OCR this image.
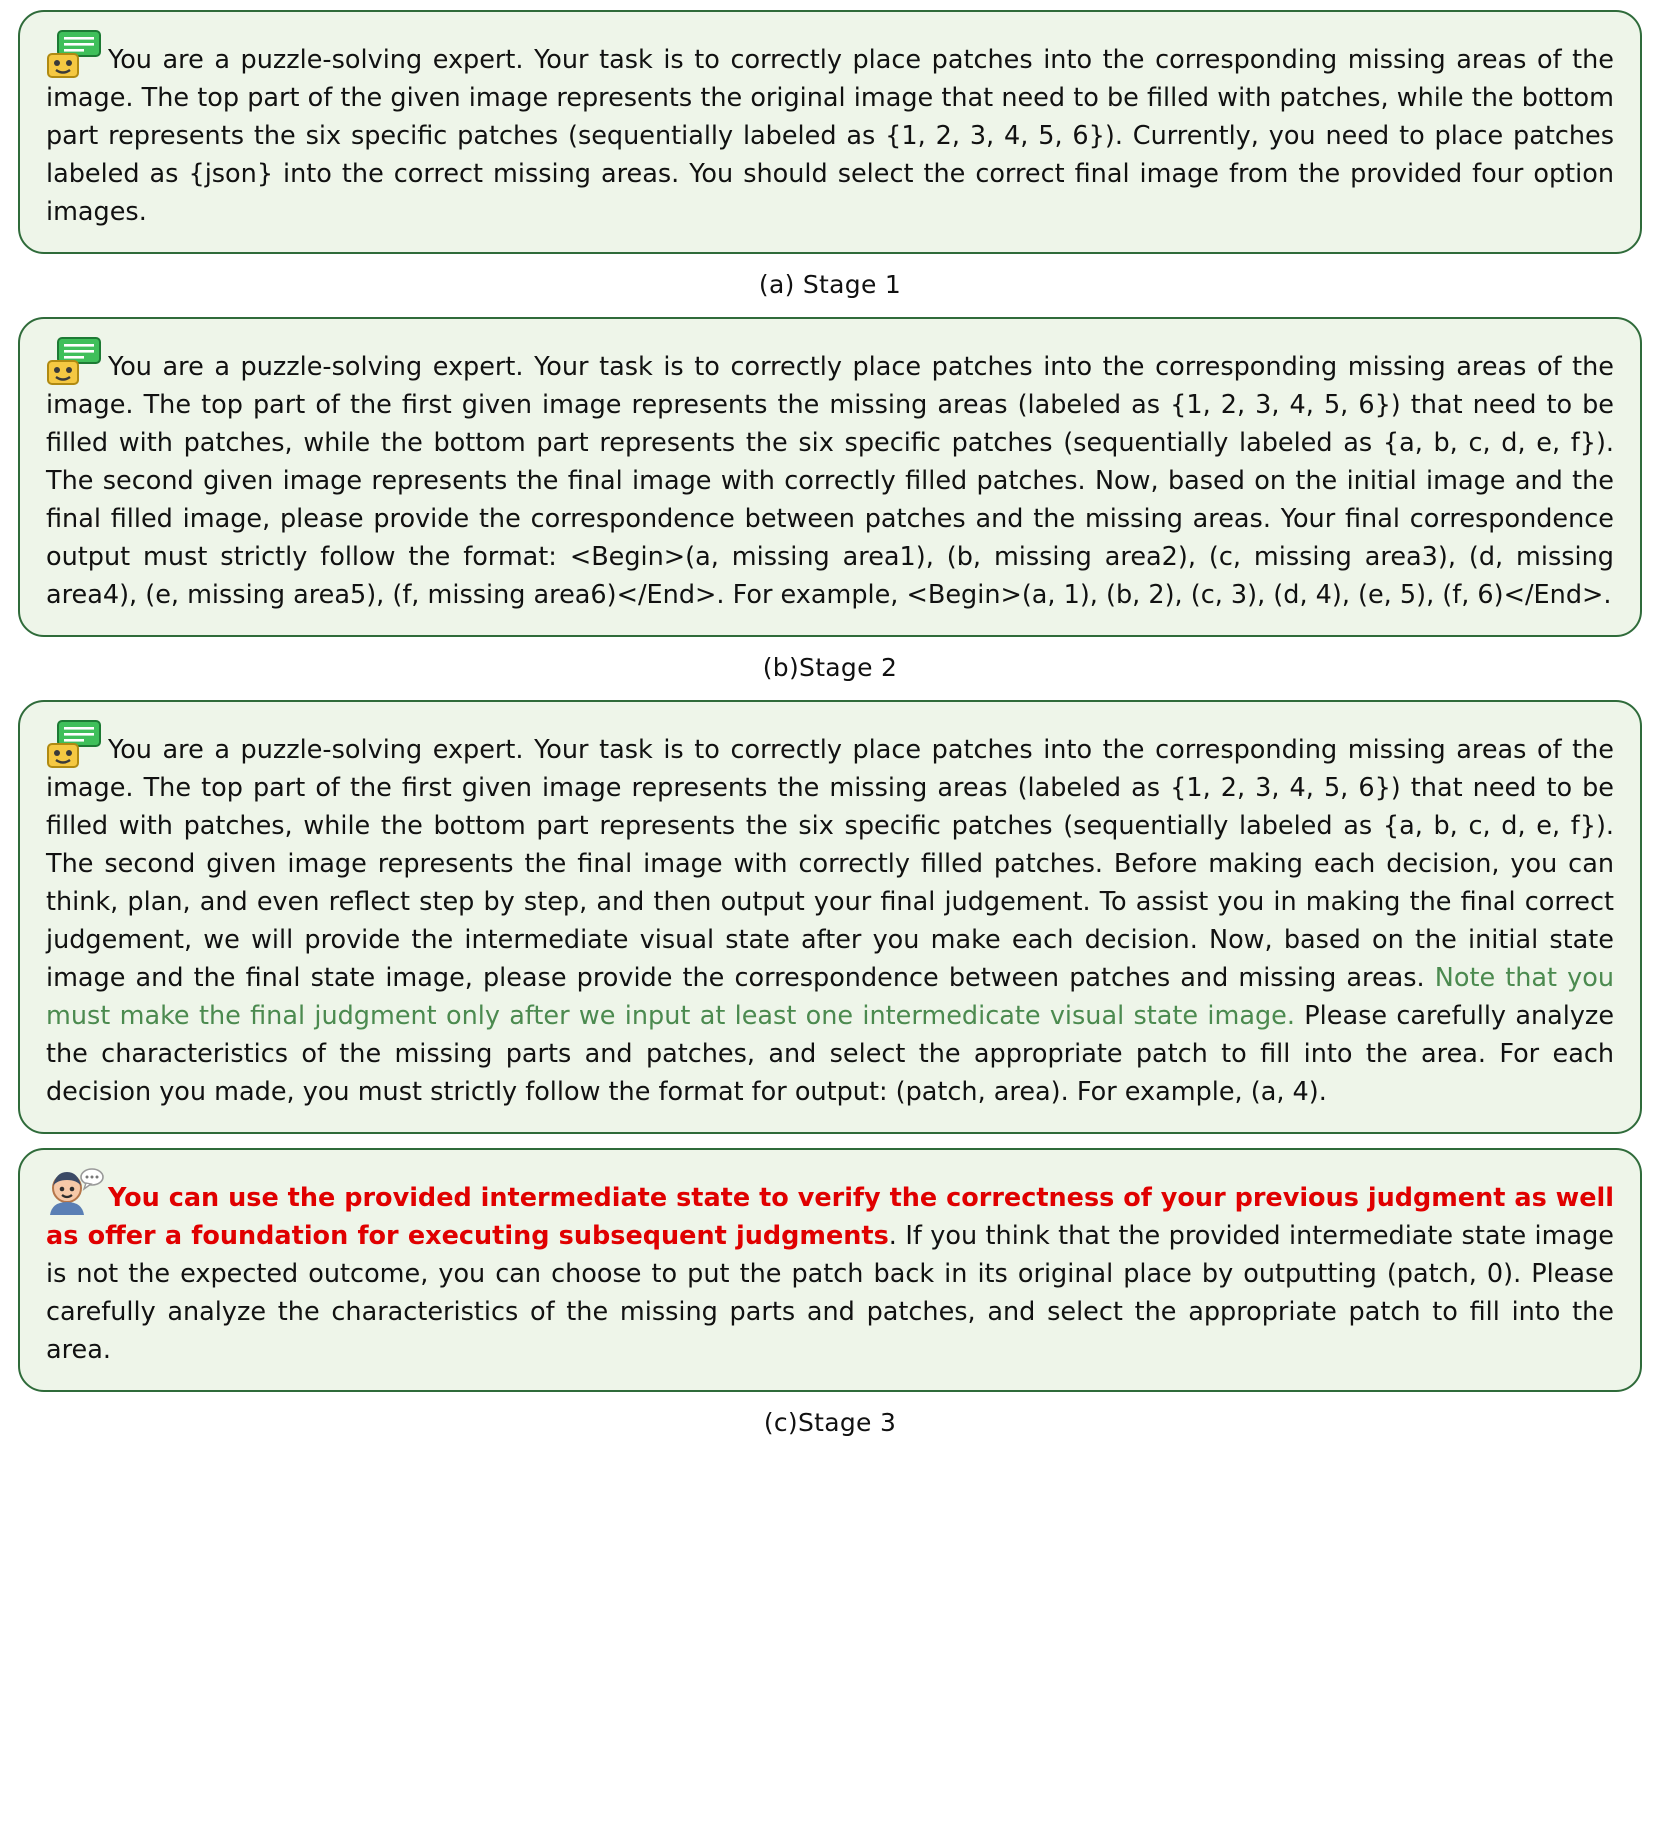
You are a puzzle-solving expert. Your task is to correctly place patches into the corresponding missing areas of the image. The top part of the given image represents the original image that need to be filled with patches, while the bottom part represents the six specific patches (sequentially labeled as {1, 2, 3, 4, 5, 6}). Currently, you need to place patches labeled as {json} into the correct missing areas. You should select the correct final image from the provided four option images.

(a) Stage 1

You are a puzzle-solving expert. Your task is to correctly place patches into the corresponding missing areas of the image. The top part of the first given image represents the missing areas (labeled as {1, 2, 3, 4, 5, 6}) that need to be filled with patches, while the bottom part represents the six specific patches (sequentially labeled as {a, b, c, d, e, f}). The second given image represents the final image with correctly filled patches. Now, based on the initial image and the final filled image, please provide the correspondence between patches and the missing areas. Your final correspondence output must strictly follow the format: <Begin>(a, missing area1), (b, missing area2), (c, missing area3), (d, missing area4), (e, missing area5), (f, missing area6)</End>. For example, <Begin>(a, 1), (b, 2), (c, 3), (d, 4), (e, 5), (f, 6)</End>.

(b)Stage 2

You are a puzzle-solving expert. Your task is to correctly place patches into the corresponding missing areas of the image. The top part of the first given image represents the missing areas (labeled as {1, 2, 3, 4, 5, 6}) that need to be filled with patches, while the bottom part represents the six specific patches (sequentially labeled as {a, b, c, d, e, f}). The second given image represents the final image with correctly filled patches. Before making each decision, you can think, plan, and even reflect step by step, and then output your final judgement. To assist you in making the final correct judgement, we will provide the intermediate visual state after you make each decision. Now, based on the initial state image and the final state image, please provide the correspondence between patches and missing areas. Note that you must make the final judgment only after we input at least one intermedicate visual state image. Please carefully analyze the characteristics of the missing parts and patches, and select the appropriate patch to fill into the area. For each decision you made, you must strictly follow the format for output: (patch, area). For example, (a, 4).

You can use the provided intermediate state to verify the correctness of your previous judgment as well as offer a foundation for executing subsequent judgments. If you think that the provided intermediate state image is not the expected outcome, you can choose to put the patch back in its original place by outputting (patch, 0). Please carefully analyze the characteristics of the missing parts and patches, and select the appropriate patch to fill into the area.

(c)Stage 3
